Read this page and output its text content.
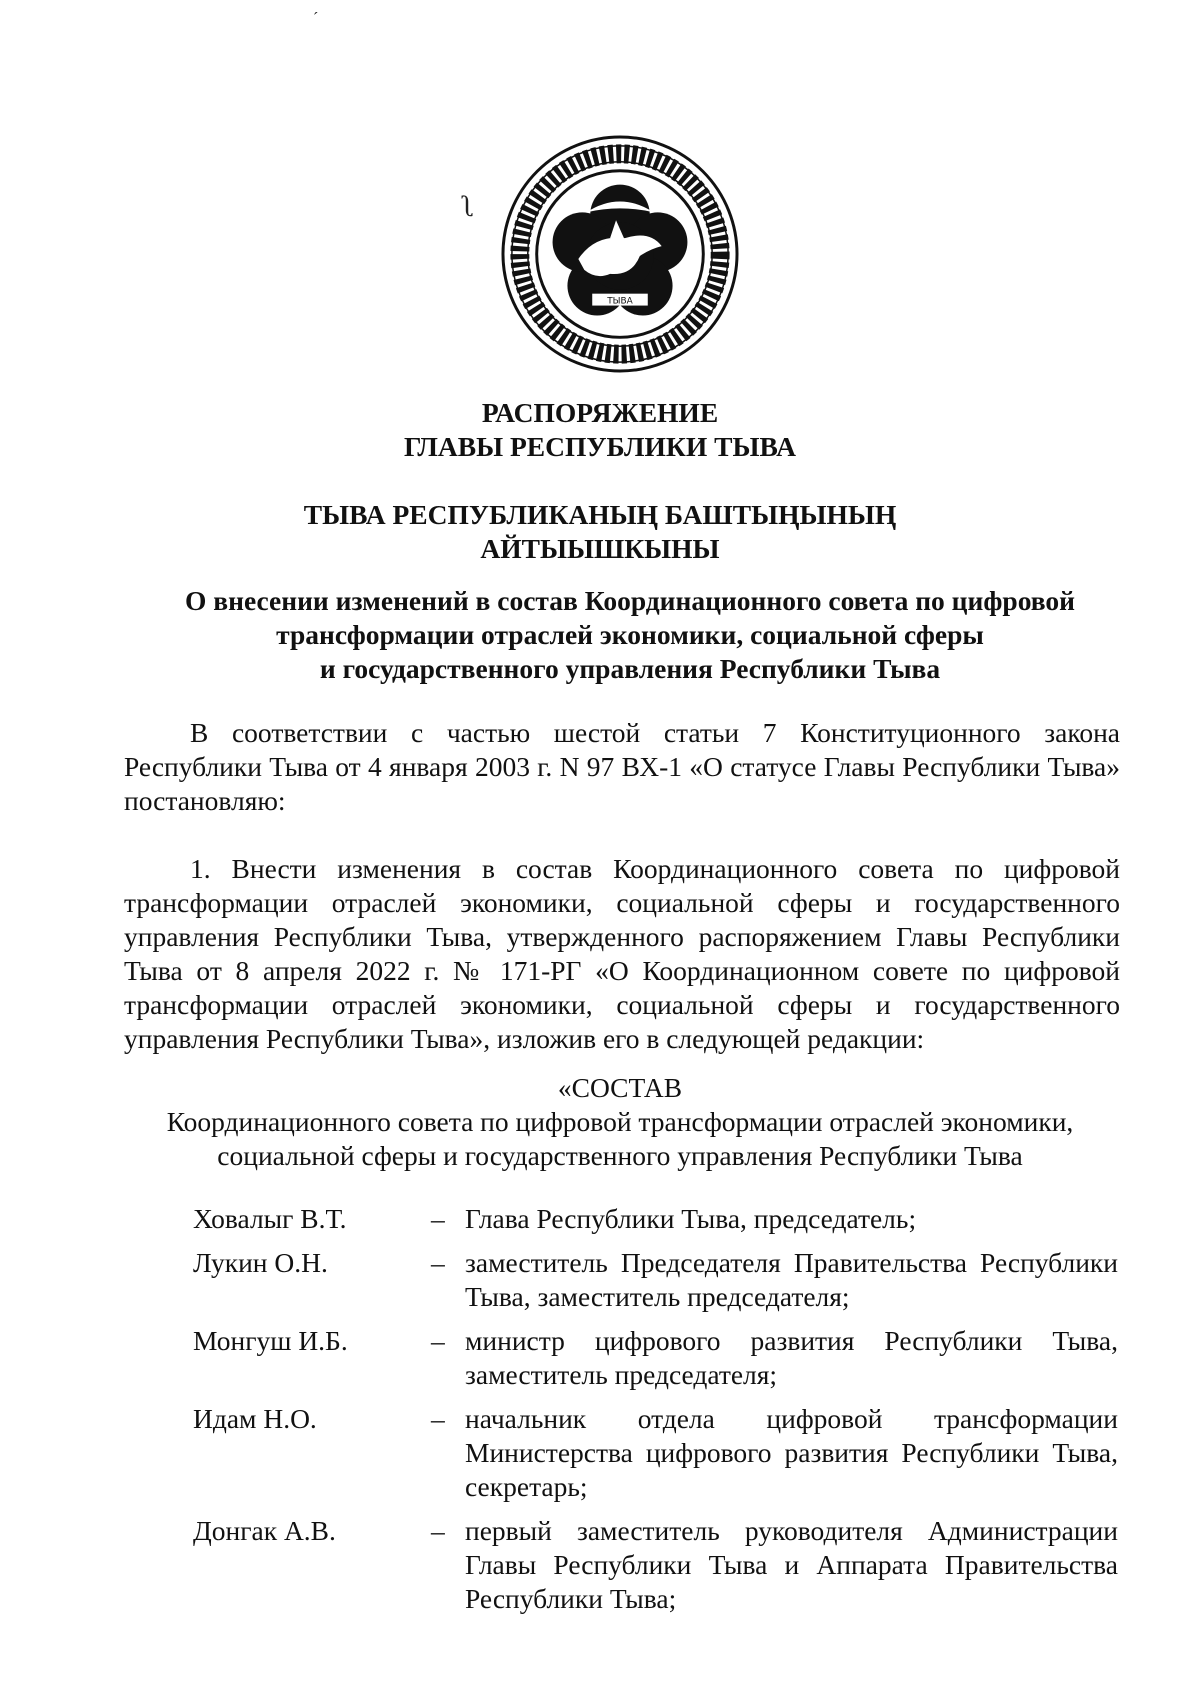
ˊ
ʅ
ТЫВА
РАСПОРЯЖЕНИЕ
ГЛАВЫ РЕСПУБЛИКИ ТЫВА
ТЫВА РЕСПУБЛИКАНЫҢ БАШТЫҢЫНЫҢ
АЙТЫЫШКЫНЫ
О внесении изменений в состав Координационного совета по цифровой
трансформации отраслей экономики, социальной сферы
и государственного управления Республики Тыва

В соответствии с частью шестой статьи 7 Конституционного закона Республики Тыва от 4 января 2003 г. N 97 ВХ-1 «О статусе Главы Республики Тыва» постановляю:

1. Внести изменения в состав Координационного совета по цифровой трансформации отраслей экономики, социальной сферы и государственного управления Республики Тыва, утвержденного распоряжением Главы Республики Тыва от 8 апреля 2022 г. № 171-РГ «О Координационном совете по цифровой трансформации отраслей экономики, социальной сферы и государственного управления Республики Тыва», изложив его в следующей редакции:

«СОСТАВ
Координационного совета по цифровой трансформации отраслей экономики,
социальной сферы и государственного управления Республики Тыва
Ховалыг В.Т.	– Глава Республики Тыва, председатель;
Лукин О.Н.	– заместитель Председателя Правительства Республики Тыва, заместитель председателя;
Монгуш И.Б.	– министр цифрового развития Республики Тыва, заместитель председателя;
Идам Н.О.	– начальник отдела цифровой трансформации Министерства цифрового развития Республики Тыва, секретарь;
Донгак А.В.	– первый заместитель руководителя Администрации Главы Республики Тыва и Аппарата Правительства Республики Тыва;
